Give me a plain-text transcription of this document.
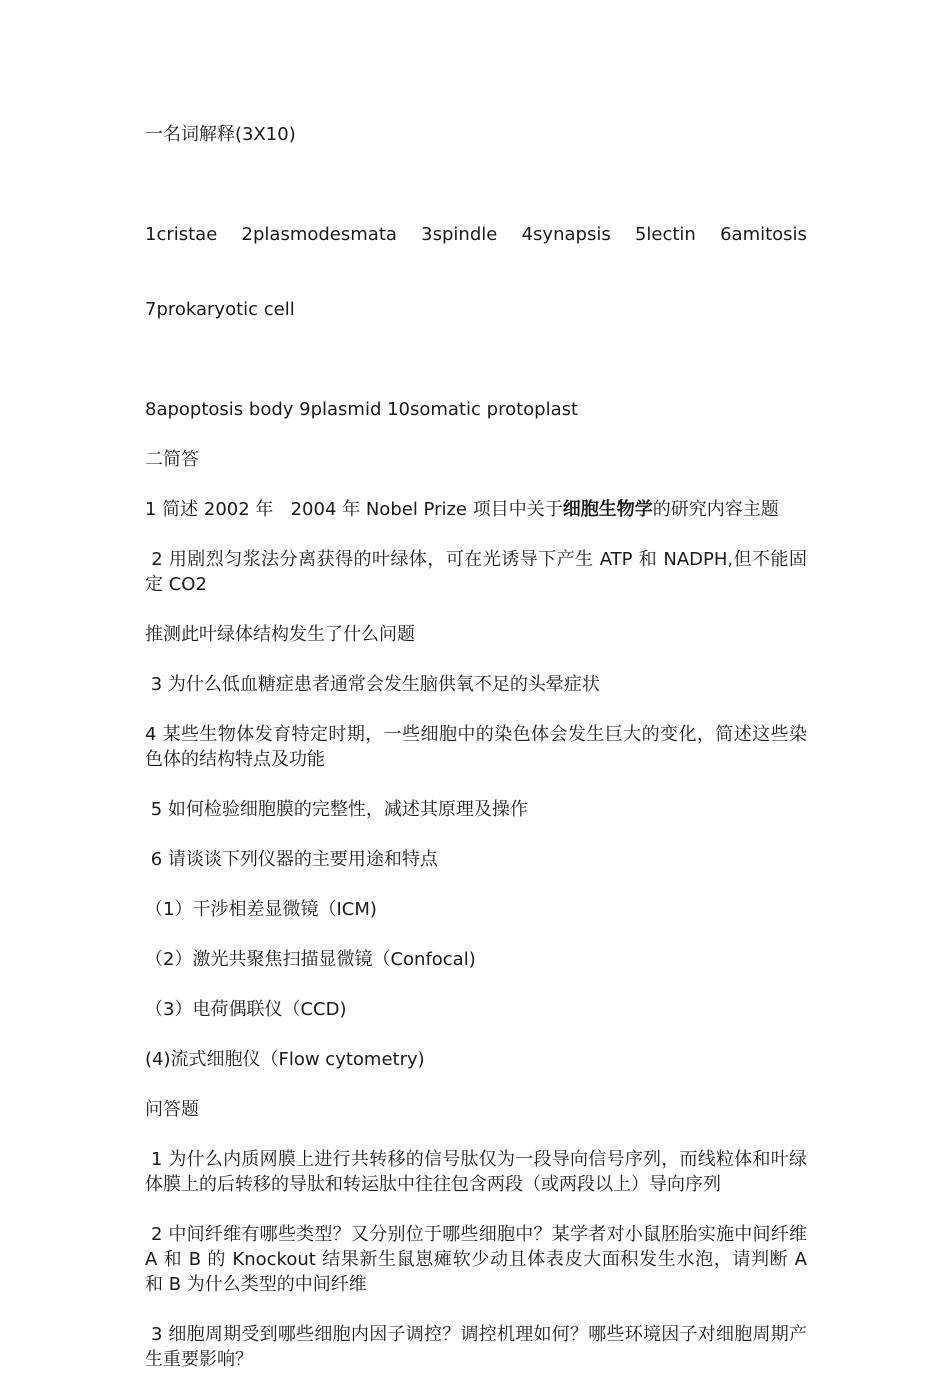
一名词解释(3X10)

1cristae 2plasmodesmata 3spindle 4synapsis 5lectin 6amitosis

7prokaryotic cell

8apoptosis body 9plasmid 10somatic protoplast

二简答

1 简述 2002 年   2004 年 Nobel Prize 项目中关于细胞生物学的研究内容主题

2 用剧烈匀浆法分离获得的叶绿体，可在光诱导下产生 ATP 和 NADPH,但不能固定 CO2

推测此叶绿体结构发生了什么问题

3 为什么低血糖症患者通常会发生脑供氧不足的头晕症状

4 某些生物体发育特定时期，一些细胞中的染色体会发生巨大的变化，简述这些染色体的结构特点及功能

5 如何检验细胞膜的完整性，减述其原理及操作

6 请谈谈下列仪器的主要用途和特点

（1）干涉相差显微镜（ICM)

（2）激光共聚焦扫描显微镜（Confocal)

（3）电荷偶联仪（CCD)

(4)流式细胞仪（Flow cytometry)

问答题

1 为什么内质网膜上进行共转移的信号肽仅为一段导向信号序列，而线粒体和叶绿体膜上的后转移的导肽和转运肽中往往包含两段（或两段以上）导向序列

2 中间纤维有哪些类型？又分别位于哪些细胞中？某学者对小鼠胚胎实施中间纤维 A 和 B 的 Knockout 结果新生鼠崽瘫软少动且体表皮大面积发生水泡，请判断 A 和 B 为什么类型的中间纤维

3 细胞周期受到哪些细胞内因子调控？调控机理如何？哪些环境因子对细胞周期产生重要影响？
